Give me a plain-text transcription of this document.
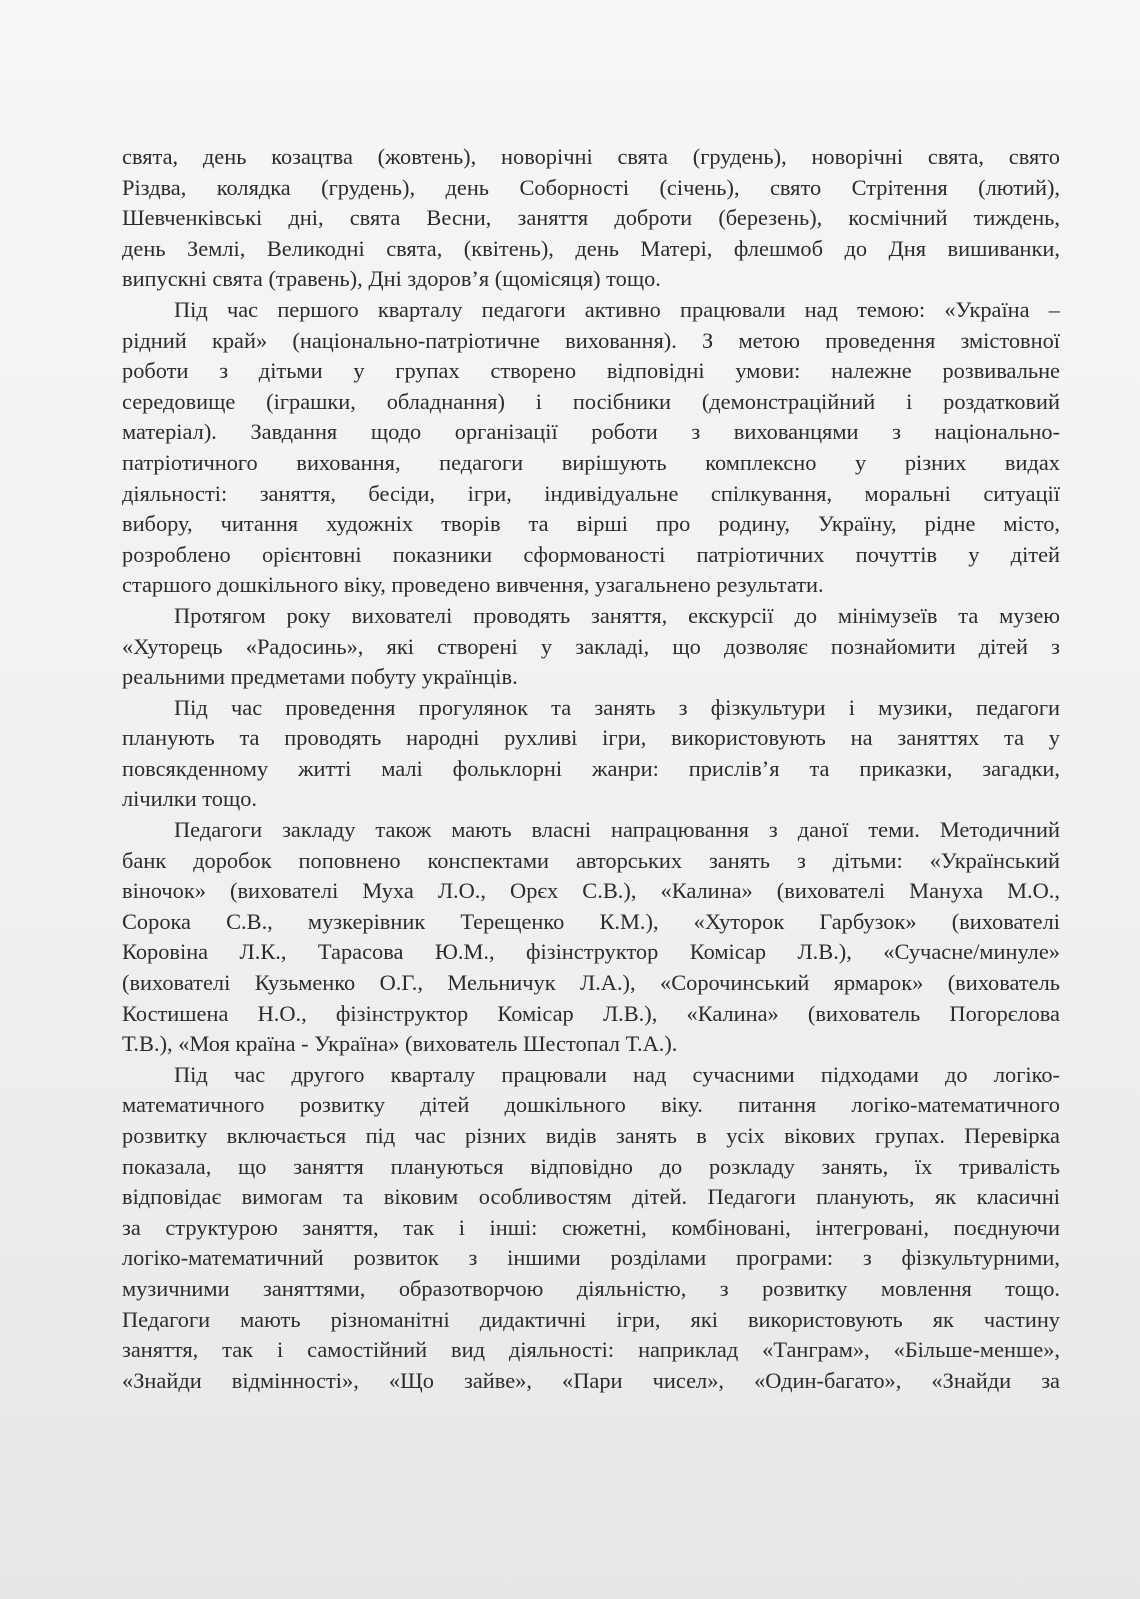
свята, день козацтва (жовтень), новорічні свята (грудень), новорічні свята, свято
Різдва, колядка (грудень), день Соборності (січень), свято Стрітення (лютий),
Шевченківські дні, свята Весни, заняття доброти (березень), космічний тиждень,
день Землі, Великодні свята, (квітень), день Матері, флешмоб до Дня вишиванки,
випускні свята (травень), Дні здоров’я (щомісяця) тощо.
Під час першого кварталу педагоги активно працювали над темою: «Україна –
рідний край» (національно-патріотичне виховання). З метою проведення змістовної
роботи з дітьми у групах створено відповідні умови: належне розвивальне
середовище (іграшки, обладнання) і посібники (демонстраційний і роздатковий
матеріал). Завдання щодо організації роботи з вихованцями з національно-
патріотичного виховання, педагоги вирішують комплексно у різних видах
діяльності: заняття, бесіди, ігри, індивідуальне спілкування, моральні ситуації
вибору, читання художніх творів та вірші про родину, Україну, рідне місто,
розроблено орієнтовні показники сформованості патріотичних почуттів у дітей
старшого дошкільного віку, проведено вивчення, узагальнено результати.
Протягом року вихователі проводять заняття, екскурсії до мінімузеїв та музею
«Хуторець «Радосинь», які створені у закладі, що дозволяє познайомити дітей з
реальними предметами побуту українців.
Під час проведення прогулянок та занять з фізкультури і музики, педагоги
планують та проводять народні рухливі ігри, використовують на заняттях та у
повсякденному житті малі фольклорні жанри: прислів’я та приказки, загадки,
лічилки тощо.
Педагоги закладу також мають власні напрацювання з даної теми. Методичний
банк доробок поповнено конспектами авторських занять з дітьми: «Український
віночок» (вихователі Муха Л.О., Орєх С.В.), «Калина» (вихователі Мануха М.О.,
Сорока С.В., музкерівник Терещенко К.М.), «Хуторок Гарбузок» (вихователі
Коровіна Л.К., Тарасова Ю.М., фізінструктор Комісар Л.В.), «Сучасне/минуле»
(вихователі Кузьменко О.Г., Мельничук Л.А.), «Сорочинський ярмарок» (вихователь
Костишена Н.О., фізінструктор Комісар Л.В.), «Калина» (вихователь Погорєлова
Т.В.), «Моя країна - Україна» (вихователь Шестопал Т.А.).
Під час другого кварталу працювали над сучасними підходами до логіко-
математичного розвитку дітей дошкільного віку. питання логіко-математичного
розвитку включається під час різних видів занять в усіх вікових групах. Перевірка
показала, що заняття плануються відповідно до розкладу занять, їх тривалість
відповідає вимогам та віковим особливостям дітей. Педагоги планують, як класичні
за структурою заняття, так і інші: сюжетні, комбіновані, інтегровані, поєднуючи
логіко-математичний розвиток з іншими розділами програми: з фізкультурними,
музичними заняттями, образотворчою діяльністю, з розвитку мовлення тощо.
Педагоги мають різноманітні дидактичні ігри, які використовують як частину
заняття, так і самостійний вид діяльності: наприклад «Танграм», «Більше-менше»,
«Знайди відмінності», «Що зайве», «Пари чисел», «Один-багато», «Знайди за
